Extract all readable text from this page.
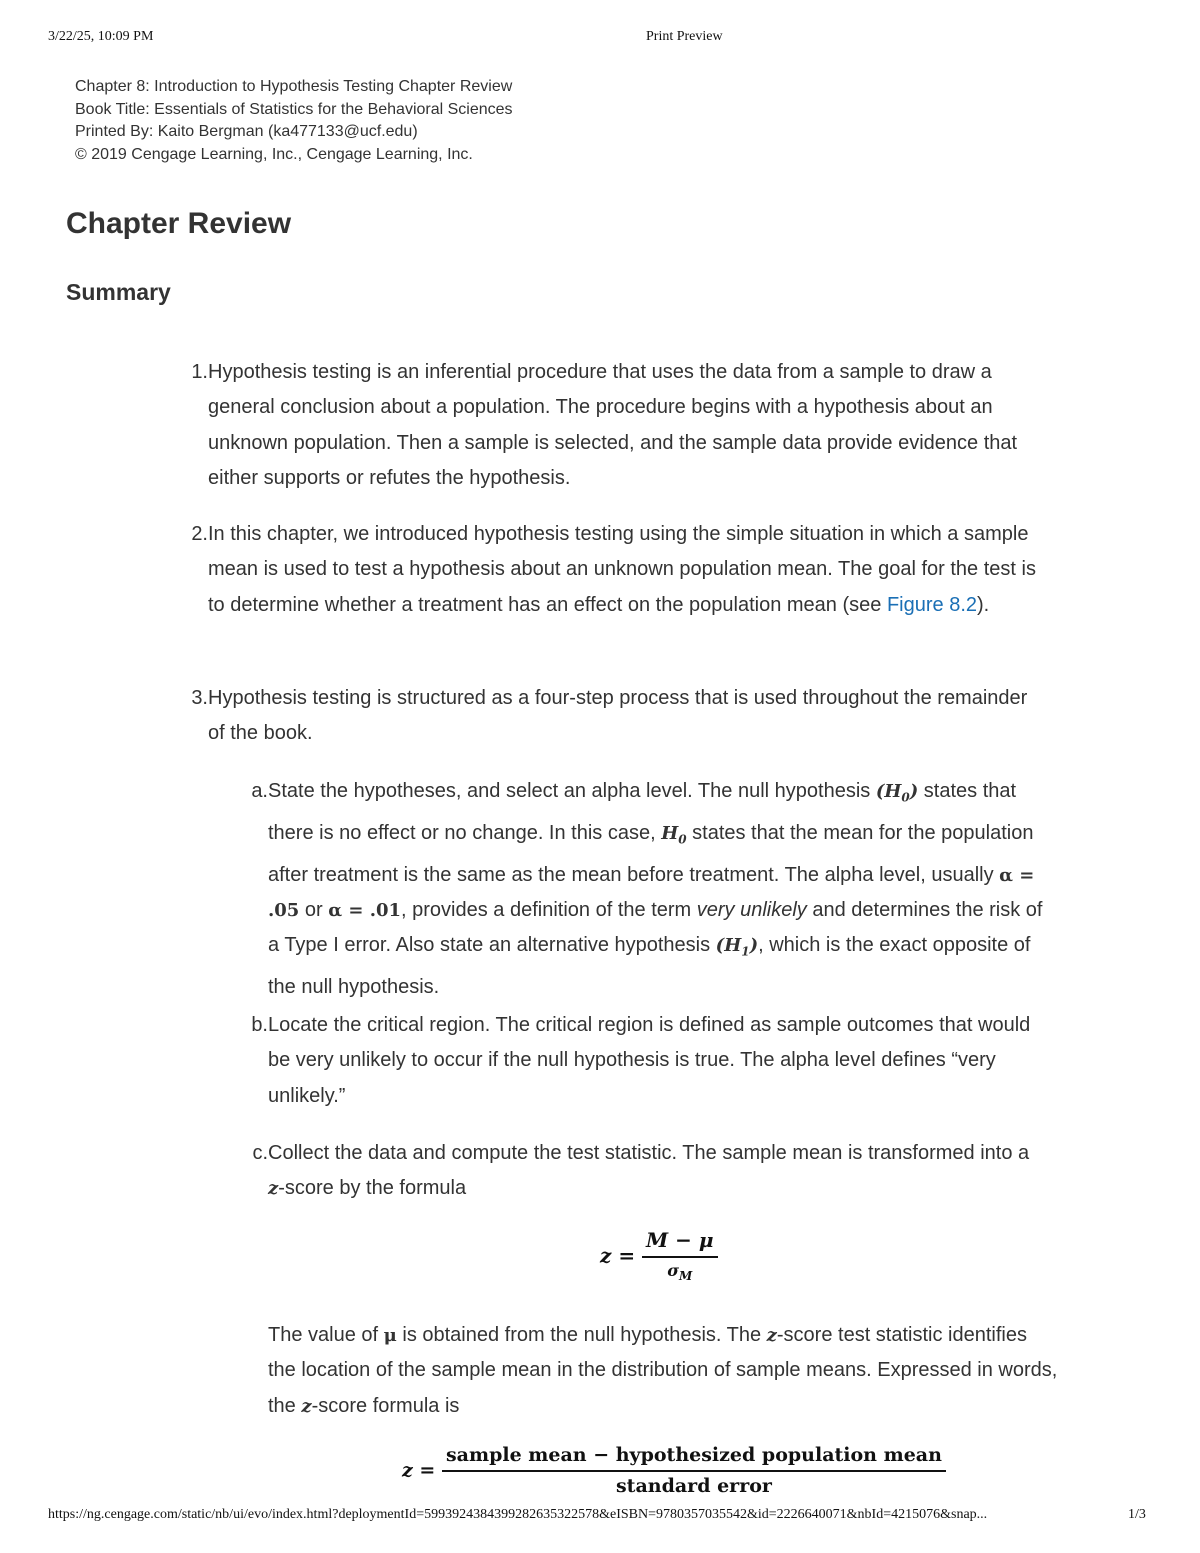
3/22/25, 10:09 PM	Print Preview
Chapter 8: Introduction to Hypothesis Testing Chapter Review
Book Title: Essentials of Statistics for the Behavioral Sciences
Printed By: Kaito Bergman (ka477133@ucf.edu)
© 2019 Cengage Learning, Inc., Cengage Learning, Inc.
Chapter Review
Summary
1. Hypothesis testing is an inferential procedure that uses the data from a sample to draw a general conclusion about a population. The procedure begins with a hypothesis about an unknown population. Then a sample is selected, and the sample data provide evidence that either supports or refutes the hypothesis.
2. In this chapter, we introduced hypothesis testing using the simple situation in which a sample mean is used to test a hypothesis about an unknown population mean. The goal for the test is to determine whether a treatment has an effect on the population mean (see Figure 8.2).
3. Hypothesis testing is structured as a four-step process that is used throughout the remainder of the book.
a. State the hypotheses, and select an alpha level. The null hypothesis $(H_0)$ states that there is no effect or no change. In this case, $H_0$ states that the mean for the population after treatment is the same as the mean before treatment. The alpha level, usually α = .05 or α = .01, provides a definition of the term very unlikely and determines the risk of a Type I error. Also state an alternative hypothesis $(H_1)$, which is the exact opposite of the null hypothesis.
b. Locate the critical region. The critical region is defined as sample outcomes that would be very unlikely to occur if the null hypothesis is true. The alpha level defines “very unlikely.”
c. Collect the data and compute the test statistic. The sample mean is transformed into a z-score by the formula
$z = \frac{M - \mu}{\sigma_M}$
The value of μ is obtained from the null hypothesis. The z-score test statistic identifies the location of the sample mean in the distribution of sample means. Expressed in words, the z-score formula is
$z = \frac{\text{sample mean − hypothesized population mean}}{\text{standard error}}$
https://ng.cengage.com/static/nb/ui/evo/index.html?deploymentId=5993924384399282635322578&eISBN=9780357035542&id=2226640071&nbId=4215076&snap...	1/3
